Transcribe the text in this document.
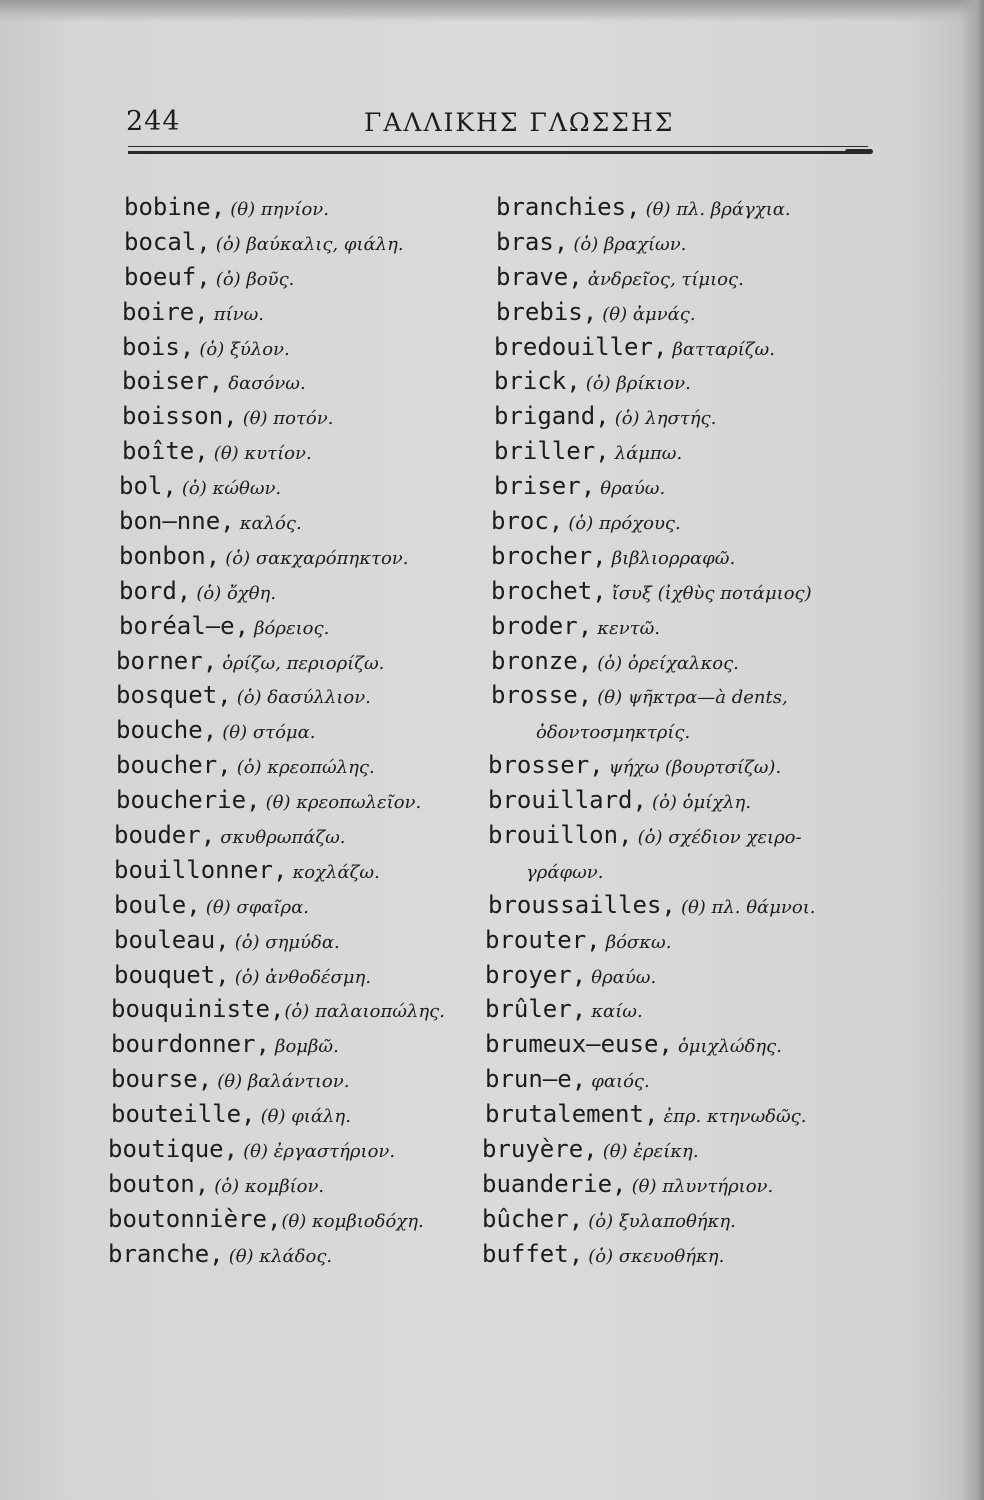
244	ΓΑΛΛΙΚΗΣ ΓΛΩΣΣΗΣ
bobine, (θ) πηνίον.
bocal, (ὁ) βαύκαλις, φιάλη.
boeuf, (ὁ) βοῦς.
boire, πίνω.
bois, (ὁ) ξύλον.
boiser, δασόνω.
boisson, (θ) ποτόν.
boîte, (θ) κυτίον.
bol, (ὁ) κώθων.
bon—nne, καλός.
bonbon, (ὁ) σακχαρόπηκτον.
bord, (ὁ) ὄχθη.
boréal—e, βόρειος.
borner, ὁρίζω, περιορίζω.
bosquet, (ὁ) δασύλλιον.
bouche, (θ) στόμα.
boucher, (ὁ) κρεοπώλης.
boucherie, (θ) κρεοπωλεῖον.
bouder, σκυθρωπάζω.
bouillonner, κοχλάζω.
boule, (θ) σφαῖρα.
bouleau, (ὁ) σημύδα.
bouquet, (ὁ) ἀνθοδέσμη.
bouquiniste,(ὁ) παλαιοπώλης.
bourdonner, βομβῶ.
bourse, (θ) βαλάντιον.
bouteille, (θ) φιάλη.
boutique, (θ) ἐργαστήριον.
bouton, (ὁ) κομβίον.
boutonnière,(θ) κομβιοδόχη.
branche, (θ) κλάδος.
branchies, (θ) πλ. βράγχια.
bras, (ὁ) βραχίων.
brave, ἀνδρεῖος, τίμιος.
brebis, (θ) ἀμνάς.
bredouiller, βατταρίζω.
brick, (ὁ) βρίκιον.
brigand, (ὁ) ληστής.
briller, λάμπω.
briser, θραύω.
broc, (ὁ) πρόχους.
brocher, βιβλιορραφῶ.
brochet, ἴσυξ (ἰχθὺς ποτάμιος)
broder, κεντῶ.
bronze, (ὁ) ὀρείχαλκος.
brosse, (θ) ψῆκτρα—à dents,
ὀδοντοσμηκτρίς.
brosser, ψήχω (βουρτσίζω).
brouillard, (ὁ) ὁμίχλη.
brouillon, (ὁ) σχέδιον χειρο-
γράφων.
broussailles, (θ) πλ. θάμνοι.
brouter, βόσκω.
broyer, θραύω.
brûler, καίω.
brumeux—euse, ὁμιχλώδης.
brun—e, φαιός.
brutalement, ἐπρ. κτηνωδῶς.
bruyère, (θ) ἐρείκη.
buanderie, (θ) πλυντήριον.
bûcher, (ὁ) ξυλαποθήκη.
buffet, (ὁ) σκευοθήκη.
